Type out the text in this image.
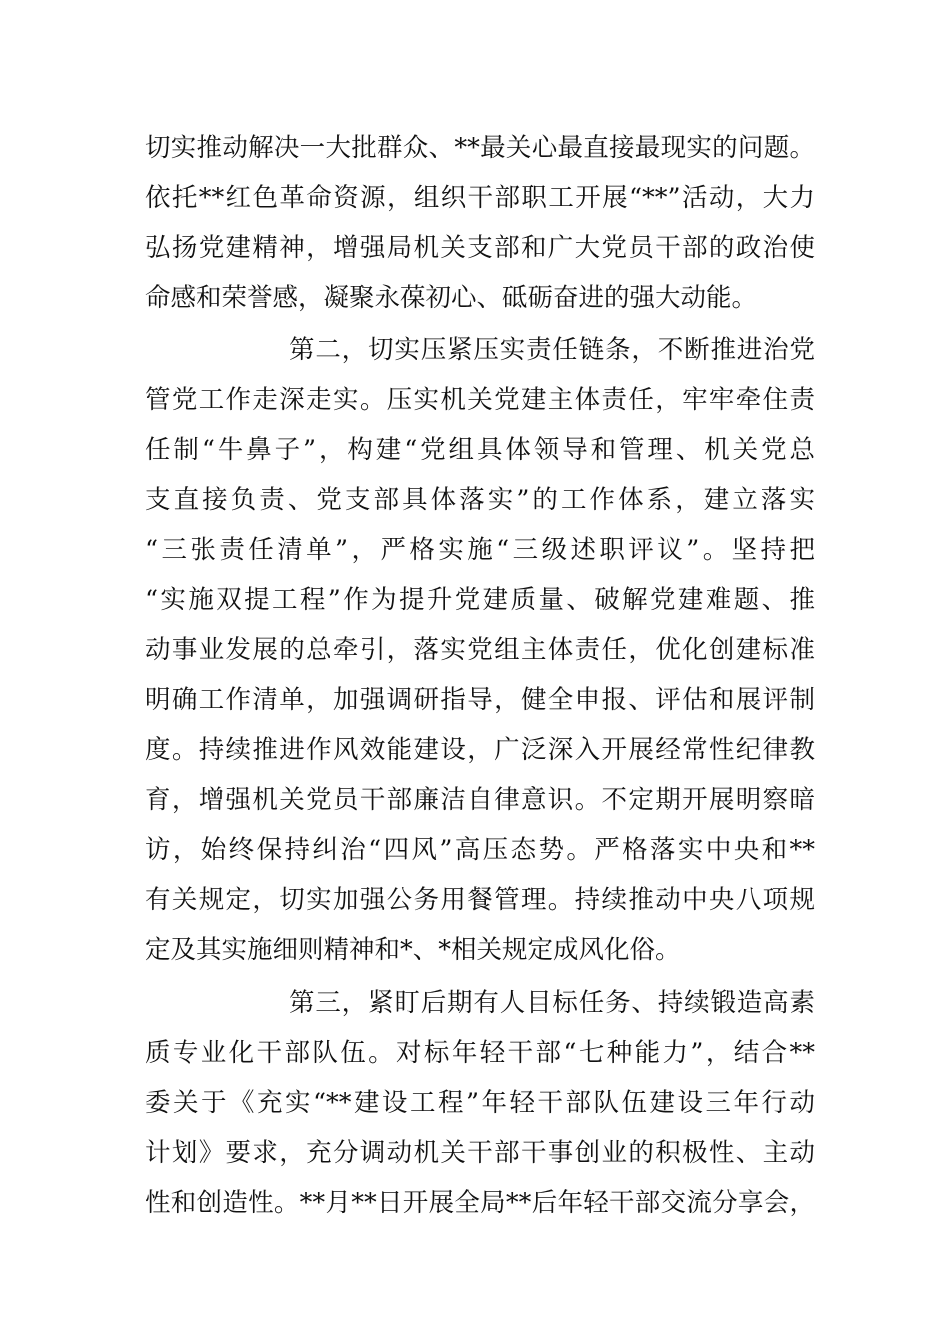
切实推动解决一大批群众、**最关心最直接最现实的问题。
依托**红色革命资源，组织干部职工开展“**”活动，大力
弘扬党建精神，增强局机关支部和广大党员干部的政治使
命感和荣誉感，凝聚永葆初心、砥砺奋进的强大动能。
第二，切实压紧压实责任链条，不断推进治党
管党工作走深走实。压实机关党建主体责任，牢牢牵住责
任制“牛鼻子”，构建“党组具体领导和管理、机关党总
支直接负责、党支部具体落实”的工作体系，建立落实
“三张责任清单”，严格实施“三级述职评议”。坚持把
“实施双提工程”作为提升党建质量、破解党建难题、推
动事业发展的总牵引，落实党组主体责任，优化创建标准
明确工作清单，加强调研指导，健全申报、评估和展评制
度。持续推进作风效能建设，广泛深入开展经常性纪律教
育，增强机关党员干部廉洁自律意识。不定期开展明察暗
访，始终保持纠治“四风”高压态势。严格落实中央和**
有关规定，切实加强公务用餐管理。持续推动中央八项规
定及其实施细则精神和*、*相关规定成风化俗。
第三，紧盯后期有人目标任务、持续锻造高素
质专业化干部队伍。对标年轻干部“七种能力”，结合**
委关于《充实“**建设工程”年轻干部队伍建设三年行动
计划》要求，充分调动机关干部干事创业的积极性、主动
性和创造性。**月**日开展全局**后年轻干部交流分享会，
